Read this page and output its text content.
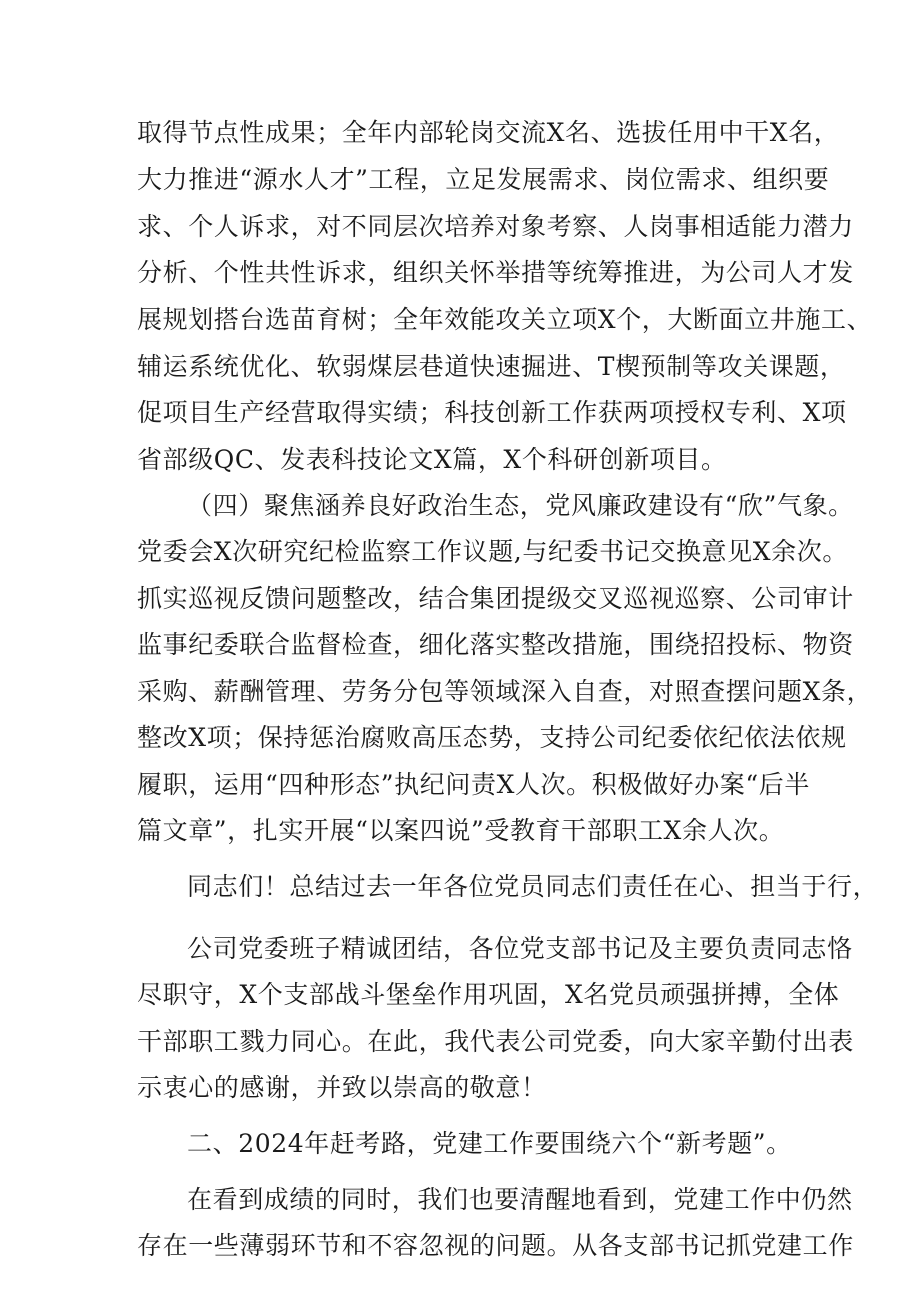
取得节点性成果；全年内部轮岗交流X名、选拔任用中干X名，
大力推进“源水人才”工程，立足发展需求、岗位需求、组织要
求、个人诉求，对不同层次培养对象考察、人岗事相适能力潜力
分析、个性共性诉求，组织关怀举措等统筹推进，为公司人才发
展规划搭台选苗育树；全年效能攻关立项X个，大断面立井施工、
辅运系统优化、软弱煤层巷道快速掘进、T楔预制等攻关课题，
促项目生产经营取得实绩；科技创新工作获两项授权专利、X项
省部级QC、发表科技论文X篇，X个科研创新项目。
（四）聚焦涵养良好政治生态，党风廉政建设有“欣”气象。
党委会X次研究纪检监察工作议题,与纪委书记交换意见X余次。
抓实巡视反馈问题整改，结合集团提级交叉巡视巡察、公司审计
监事纪委联合监督检查，细化落实整改措施，围绕招投标、物资
采购、薪酬管理、劳务分包等领域深入自查，对照查摆问题X条，
整改X项；保持惩治腐败高压态势，支持公司纪委依纪依法依规
履职，运用“四种形态”执纪问责X人次。积极做好办案“后半
篇文章”，扎实开展“以案四说”受教育干部职工X余人次。
同志们！总结过去一年各位党员同志们责任在心、担当于行，
公司党委班子精诚团结，各位党支部书记及主要负责同志恪
尽职守，X个支部战斗堡垒作用巩固，X名党员顽强拼搏，全体
干部职工戮力同心。在此，我代表公司党委，向大家辛勤付出表
示衷心的感谢，并致以崇高的敬意！
二、2024年赶考路，党建工作要围绕六个“新考题”。
在看到成绩的同时，我们也要清醒地看到，党建工作中仍然
存在一些薄弱环节和不容忽视的问题。从各支部书记抓党建工作
